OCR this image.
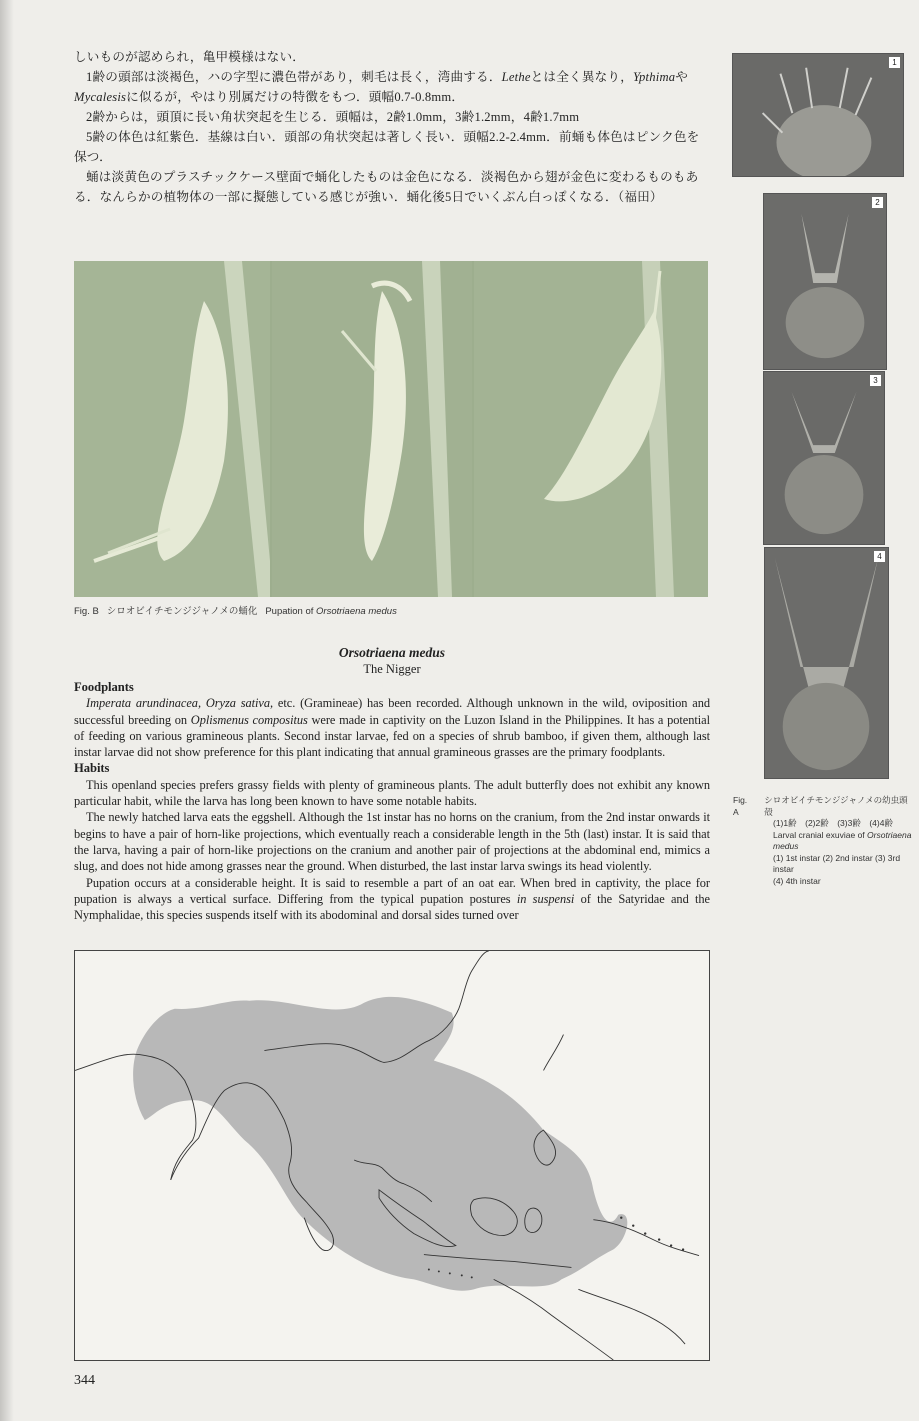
しいものが認められ，亀甲模様はない．

1齢の頭部は淡褐色，ハの字型に濃色帯があり，刺毛は長く，湾曲する．Letheとは全く異なり，YpthimaやMycalesisに似るが，やはり別属だけの特徴をもつ．頭幅0.7-0.8mm．

2齢からは，頭頂に長い角状突起を生じる．頭幅は，2齢1.0mm，3齢1.2mm，4齢1.7mm

5齢の体色は紅紫色．基線は白い．頭部の角状突起は著しく長い．頭幅2.2-2.4mm．前蛹も体色はピンク色を保つ．

蛹は淡黄色のプラスチックケース壁面で蛹化したものは金色になる．淡褐色から翅が金色に変わるものもある．なんらかの植物体の一部に擬態している感じが強い．蛹化後5日でいくぶん白っぽくなる．（福田）

Fig. B シロオビイチモンジジャノメの蛹化 Pupation of Orsotriaena medus
Orsotriaena medus
The Nigger
Foodplants

Imperata arundinacea, Oryza sativa, etc. (Gramineae) has been recorded. Although unknown in the wild, oviposition and successful breeding on Oplismenus compositus were made in captivity on the Luzon Island in the Philippines. It has a potential of feeding on various gramineous plants. Second instar larvae, fed on a species of shrub bamboo, if given them, although last instar larvae did not show preference for this plant indicating that annual gramineous grasses are the primary foodplants.

Habits

This openland species prefers grassy fields with plenty of gramineous plants. The adult butterfly does not exhibit any known particular habit, while the larva has long been known to have some notable habits.

The newly hatched larva eats the eggshell. Although the 1st instar has no horns on the cranium, from the 2nd instar onwards it begins to have a pair of horn-like projections, which eventually reach a considerable length in the 5th (last) instar. It is said that the larva, having a pair of horn-like projections on the cranium and another pair of projections at the abdominal end, mimics a slug, and does not hide among grasses near the ground. When disturbed, the last instar larva swings its head violently.

Pupation occurs at a considerable height. It is said to resemble a part of an oat ear. When bred in captivity, the place for pupation is always a vertical surface. Differing from the typical pupation postures in suspensi of the Satyridae and the Nymphalidae, this species suspends itself with its abodominal and dorsal sides turned over

344
1
2
3
4
Fig. A
シロオビイチモンジジャノメの幼虫頭殻
(1)1齢　(2)2齢　(3)3齢　(4)4齢
Larval cranial exuviae of Orsotriaena medus
(1) 1st instar (2) 2nd instar (3) 3rd instar
(4) 4th instar
